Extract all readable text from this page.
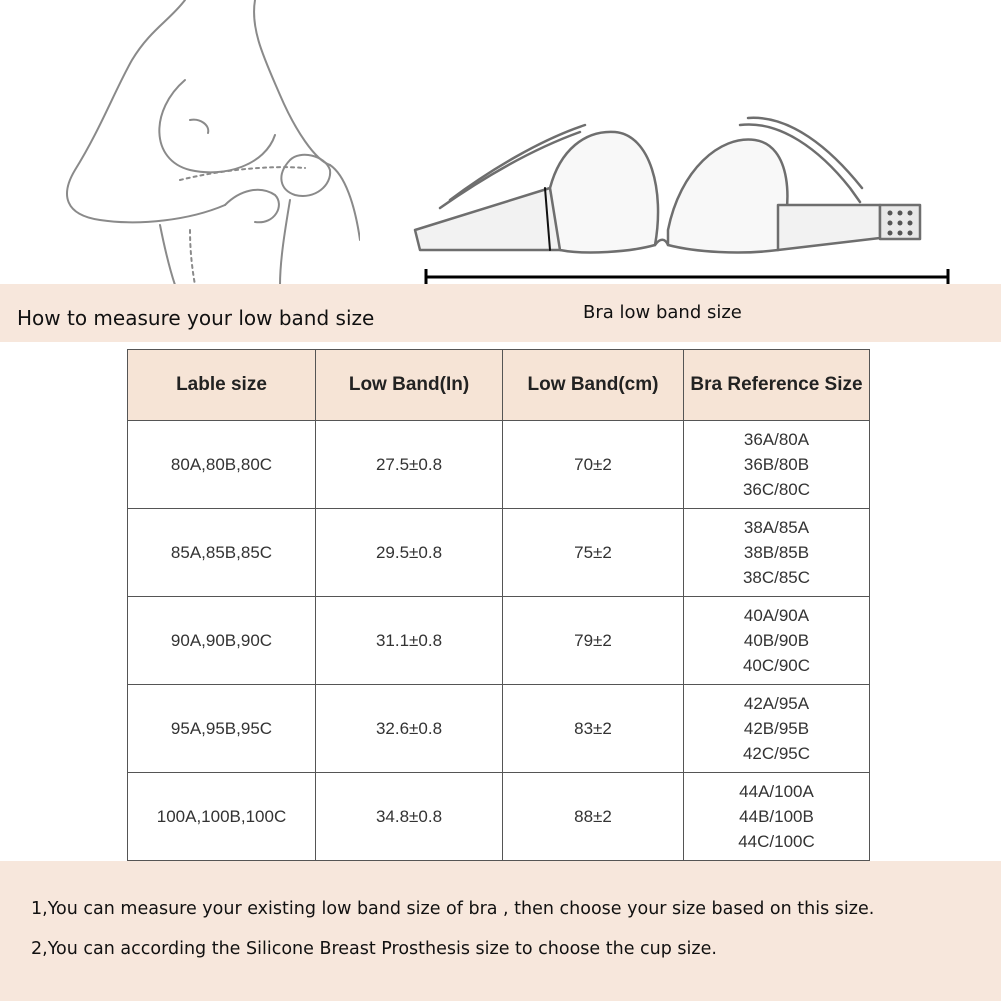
How to measure your low band size	Bra low band size
Lable size	Low Band(In)	Low Band(cm)	Bra Reference Size
80A,80B,80C	27.5±0.8	70±2	36A/80A
36B/80B
36C/80C

85A,85B,85C	29.5±0.8	75±2	38A/85A
38B/85B
38C/85C

90A,90B,90C	31.1±0.8	79±2	40A/90A
40B/90B
40C/90C

95A,95B,95C	32.6±0.8	83±2	42A/95A
42B/95B
42C/95C

100A,100B,100C	34.8±0.8	88±2	44A/100A
44B/100B
44C/100C
1,You can measure your existing low band size of bra , then choose your size based on this size.
2,You can according the Silicone Breast Prosthesis size to choose the cup size.
